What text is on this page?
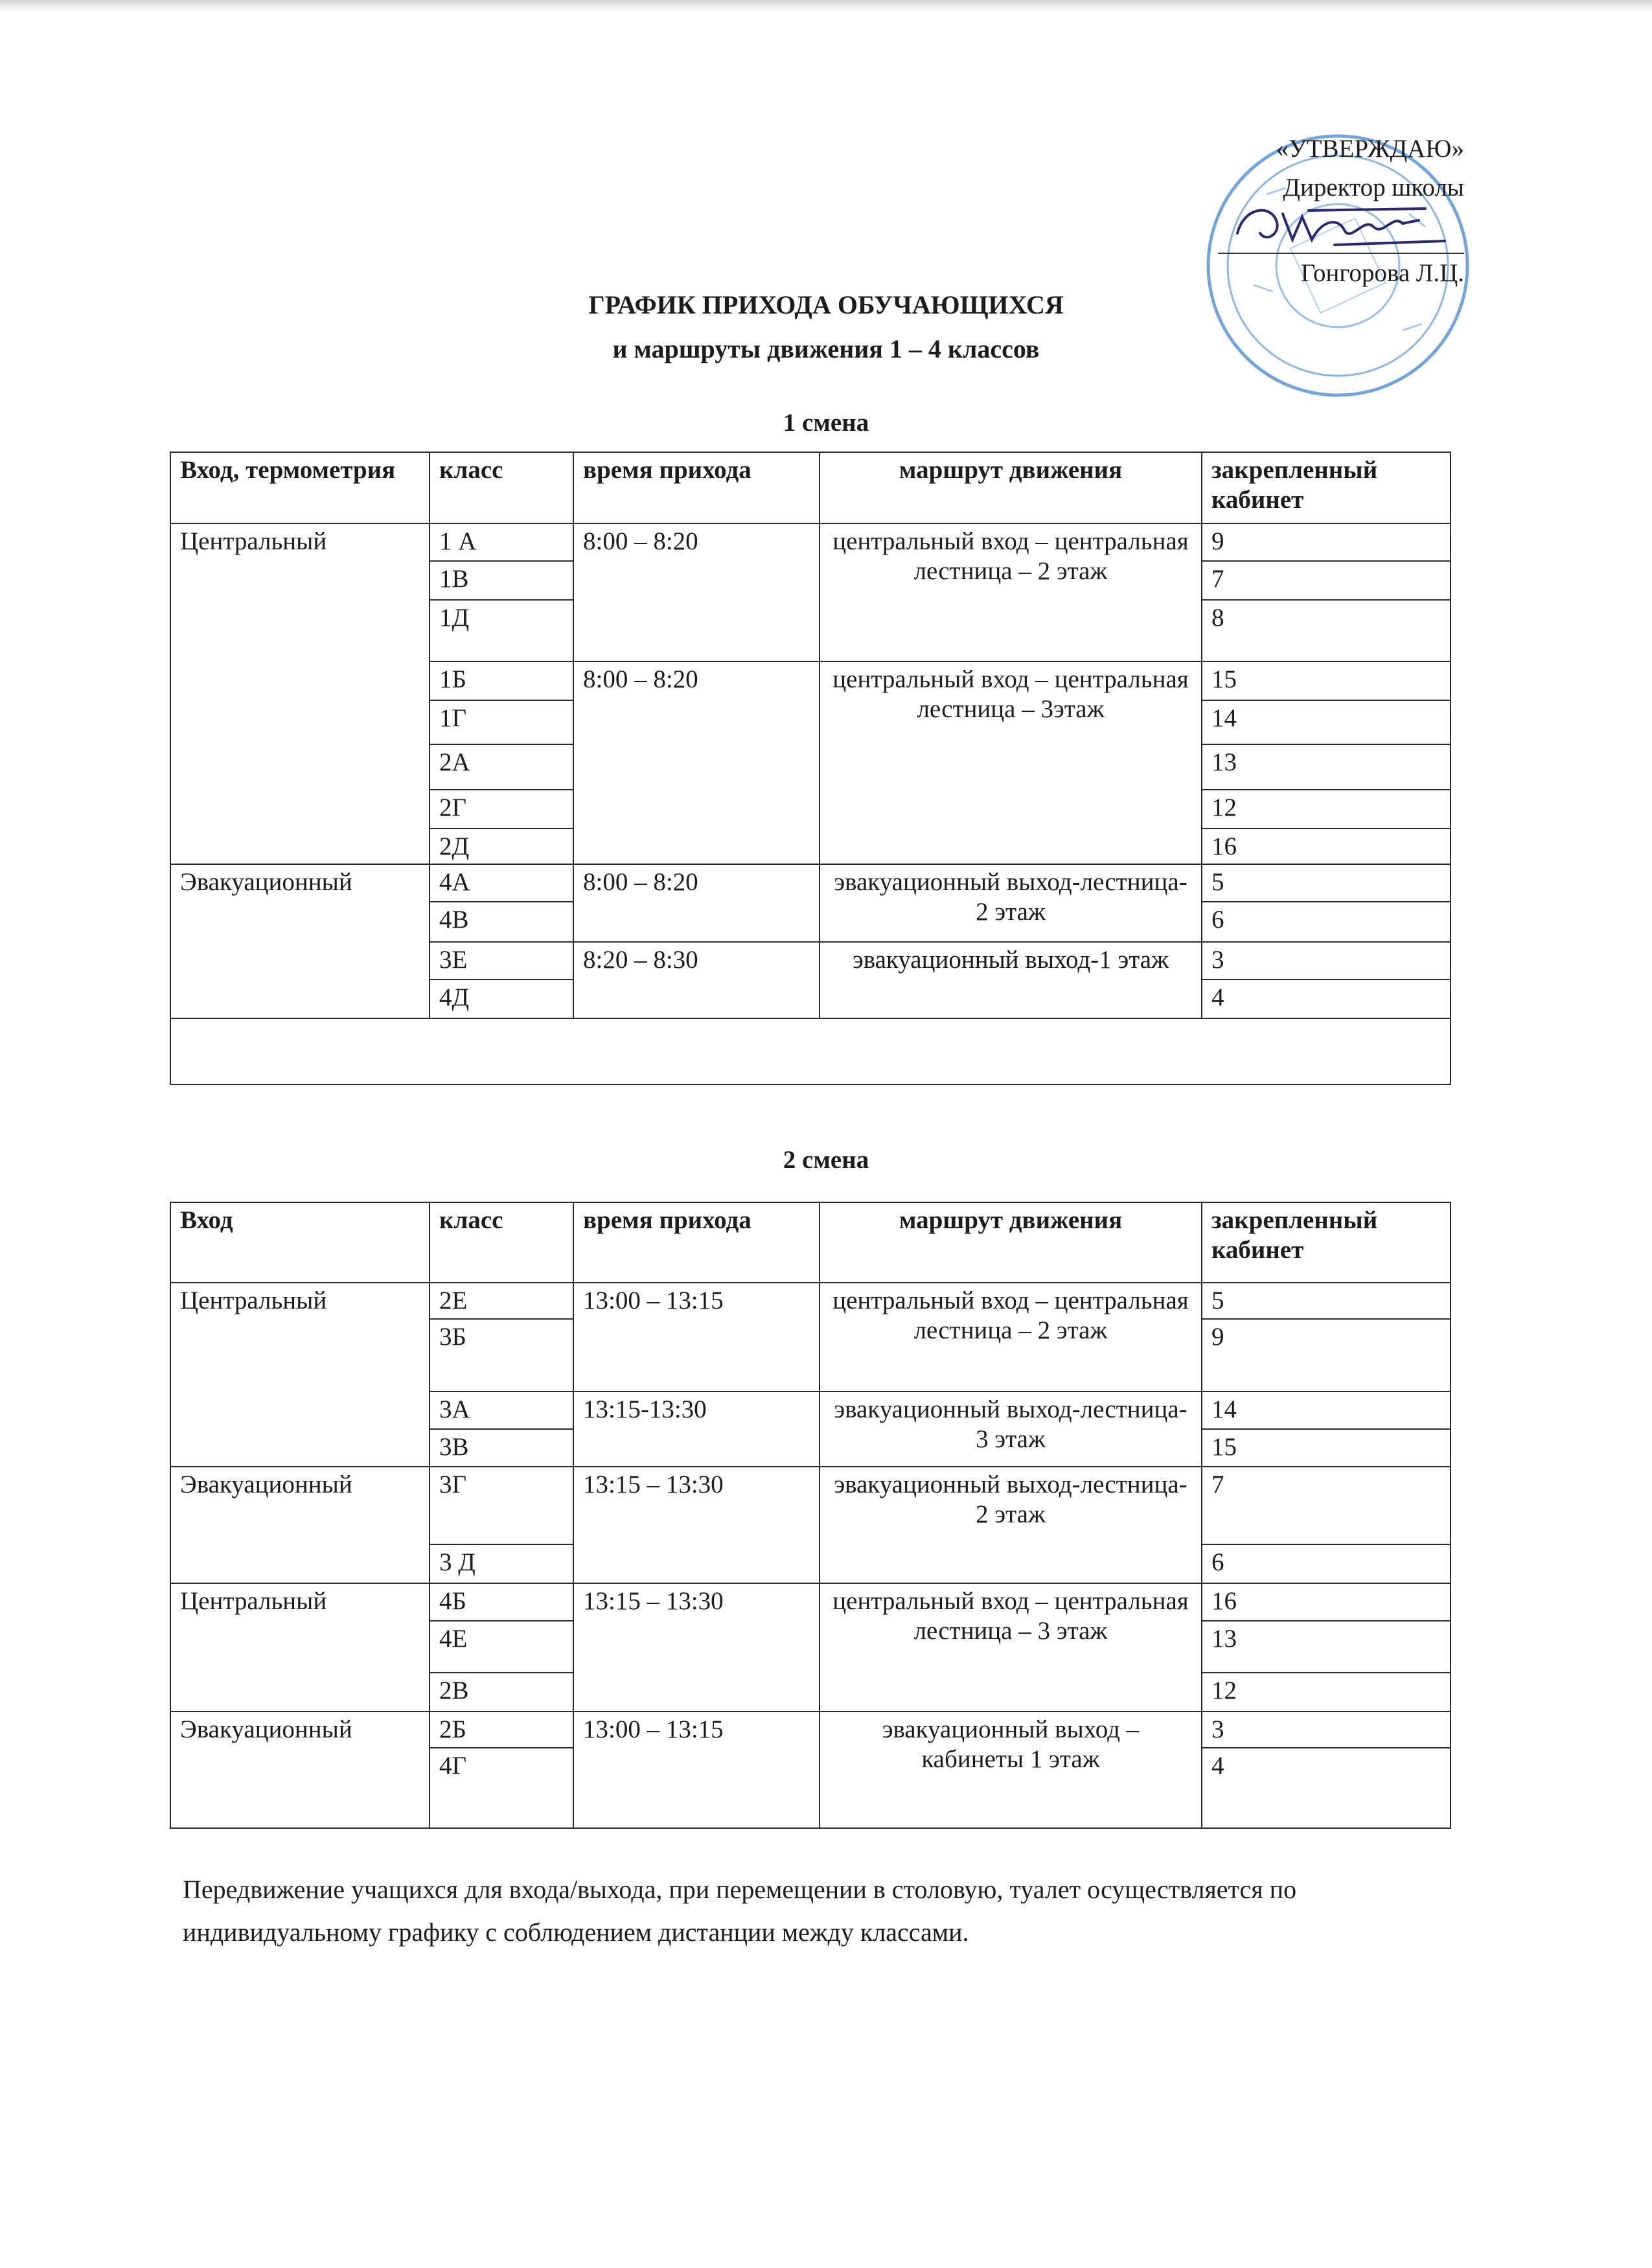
«УТВЕРЖДАЮ»
Директор школы
Гонгорова Л.Ц.
ГРАФИК ПРИХОДА ОБУЧАЮЩИХСЯ
и маршруты движения 1 – 4 классов
1 смена
Вход, термометрия	класс	время прихода	маршрут движения	закрепленный кабинет
Центральный	1 А	8:00 – 8:20	центральный вход – центральная лестница – 2 этаж	9
	1В			7
	1Д			8
	1Б	8:00 – 8:20	центральный вход – центральная лестница – 3этаж	15
	1Г			14
	2А			13
	2Г			12
	2Д			16
Эвакуационный	4А	8:00 – 8:20	эвакуационный выход-лестница- 2 этаж	5
	4В			6
	3Е	8:20 – 8:30	эвакуационный выход-1 этаж	3
	4Д			4

2 смена
Вход	класс	время прихода	маршрут движения	закрепленный кабинет
Центральный	2Е	13:00 – 13:15	центральный вход – центральная лестница – 2 этаж	5
	3Б			9
	3А	13:15-13:30	эвакуационный выход-лестница- 3 этаж	14
	3В			15
Эвакуационный	3Г	13:15 – 13:30	эвакуационный выход-лестница- 2 этаж	7
	3 Д			6
Центральный	4Б	13:15 – 13:30	центральный вход – центральная лестница – 3 этаж	16
	4Е			13
	2В			12
Эвакуационный	2Б	13:00 – 13:15	эвакуационный выход – кабинеты 1 этаж	3
	4Г			4
Передвижение учащихся для входа/выхода, при перемещении в столовую, туалет осуществляется по индивидуальному графику с соблюдением дистанции между классами.
